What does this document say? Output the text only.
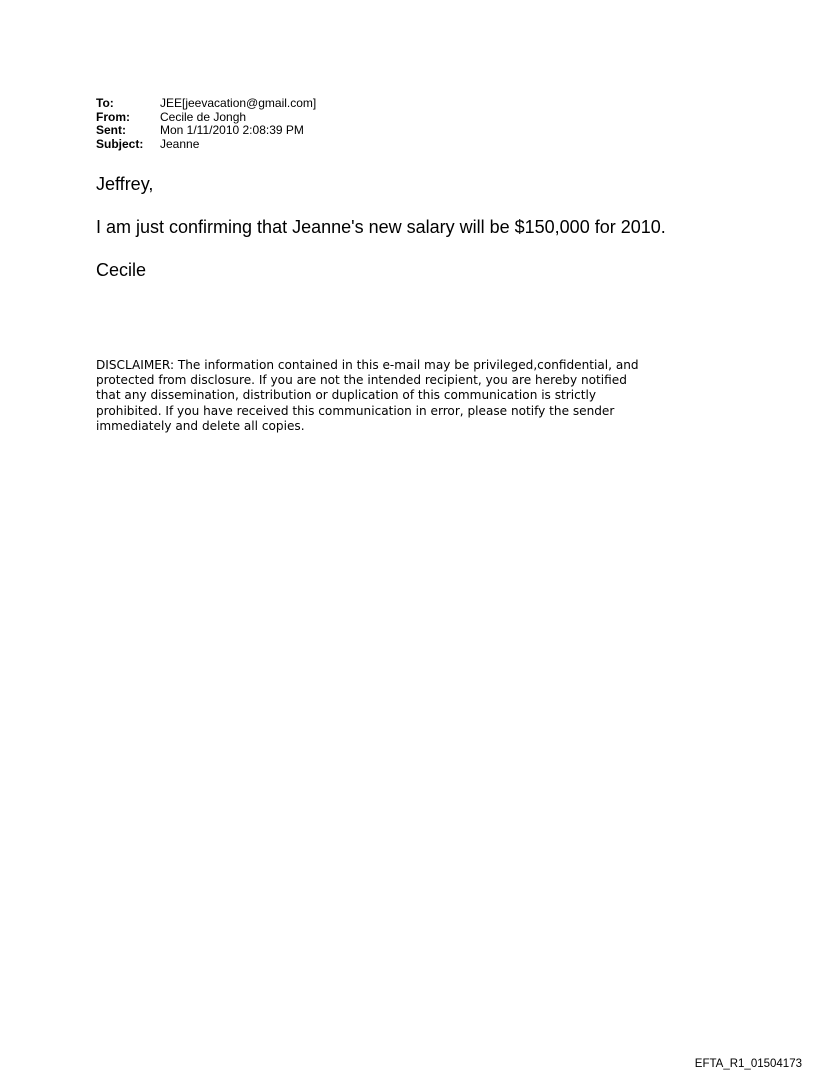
To:	JEE[jeevacation@gmail.com]
From:	Cecile de Jongh
Sent:	Mon 1/11/2010 2:08:39 PM
Subject:	Jeanne
Jeffrey,
I am just confirming that Jeanne's new salary will be $150,000 for 2010.
Cecile
DISCLAIMER: The information contained in this e-mail may be privileged,confidential, and
protected from disclosure. If you are not the intended recipient, you are hereby notified
that any dissemination, distribution or duplication of this communication is strictly
prohibited. If you have received this communication in error, please notify the sender
immediately and delete all copies.
EFTA_R1_01504173
